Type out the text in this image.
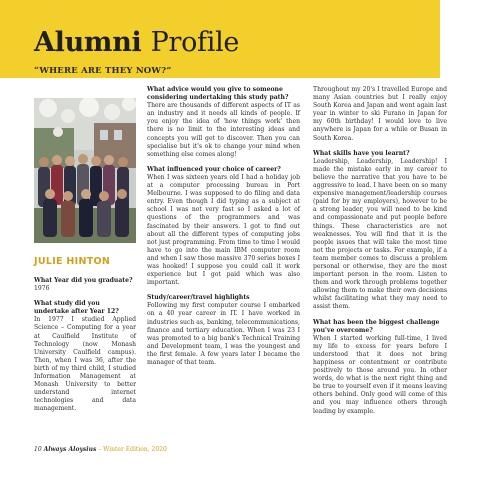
Alumni Profile
“WHERE ARE THEY NOW?”
JULIE HINTON

What Year did you graduate?

1976

What study did you undertake after Year 12?

In 1977 I studied Applied Science – Computing for a year at Caulfield Institute of Technology (now Monash University Caulfield campus). Then, when I was 36, after the birth of my third child, I studied Information Management at Monash University to better understand internet technologies and data management.

What advice would you give to someone considering undertaking this study path?

There are thousands of different aspects of IT as an industry and it needs all kinds of people. If you enjoy the idea of 'how things work' then there is no limit to the interesting ideas and concepts you will get to discover. Then you can specialise but it's ok to change your mind when something else comes along!

What influenced your choice of career?

When I was sixteen years old I had a holiday job at a computer processing bureau in Port Melbourne. I was supposed to do filing and data entry. Even though I did typing as a subject at school I was not very fast so I asked a lot of questions of the programmers and was fascinated by their answers. I got to find out about all the different types of computing jobs not just programming. From time to time I would have to go into the main IBM computer room and when I saw those massive 370 series boxes I was hooked! I suppose you could call it work experience but I got paid which was also important.

Study/career/travel highlights

Following my first computer course I embarked on a 40 year career in IT. I have worked in industries such as, banking, telecommunications, finance and tertiary education. When I was 23 I was promoted to a big bank's Technical Training and Development team, I was the youngest and the first female. A few years later I became the manager of that team.

Throughout my 20's I travelled Europe and many Asian countries but I really enjoy South Korea and Japan and went again last year in winter to ski Furano in Japan for my 60th birthday! I would love to live anywhere is Japan for a while or Busan in South Korea.

What skills have you learnt?

Leadership, Leadership, Leadership! I made the mistake early in my career to believe the narrative that you have to be aggressive to lead. I have been on so many expensive management/leadership courses (paid for by my employers), however to be a strong leader, you will need to be kind and compassionate and put people before things. These characteristics are not weaknesses. You will find that it is the people issues that will take the most time not the projects or tasks. For example, if a team member comes to discuss a problem personal or otherwise, they are the most important person in the room. Listen to them and work through problems together allowing them to make their own decisions whilst facilitating what they may need to assist them.

What has been the biggest challenge you've overcome?

When I started working full-time, I lived my life to excess for years before I understood that it does not bring happiness or contentment or contribute positively to those around you. In other words, do what is the next right thing and be true to yourself even if it means leaving others behind. Only good will come of this and you may influence others through leading by example.

10 Always Aloysius – Winter Edition, 2020
